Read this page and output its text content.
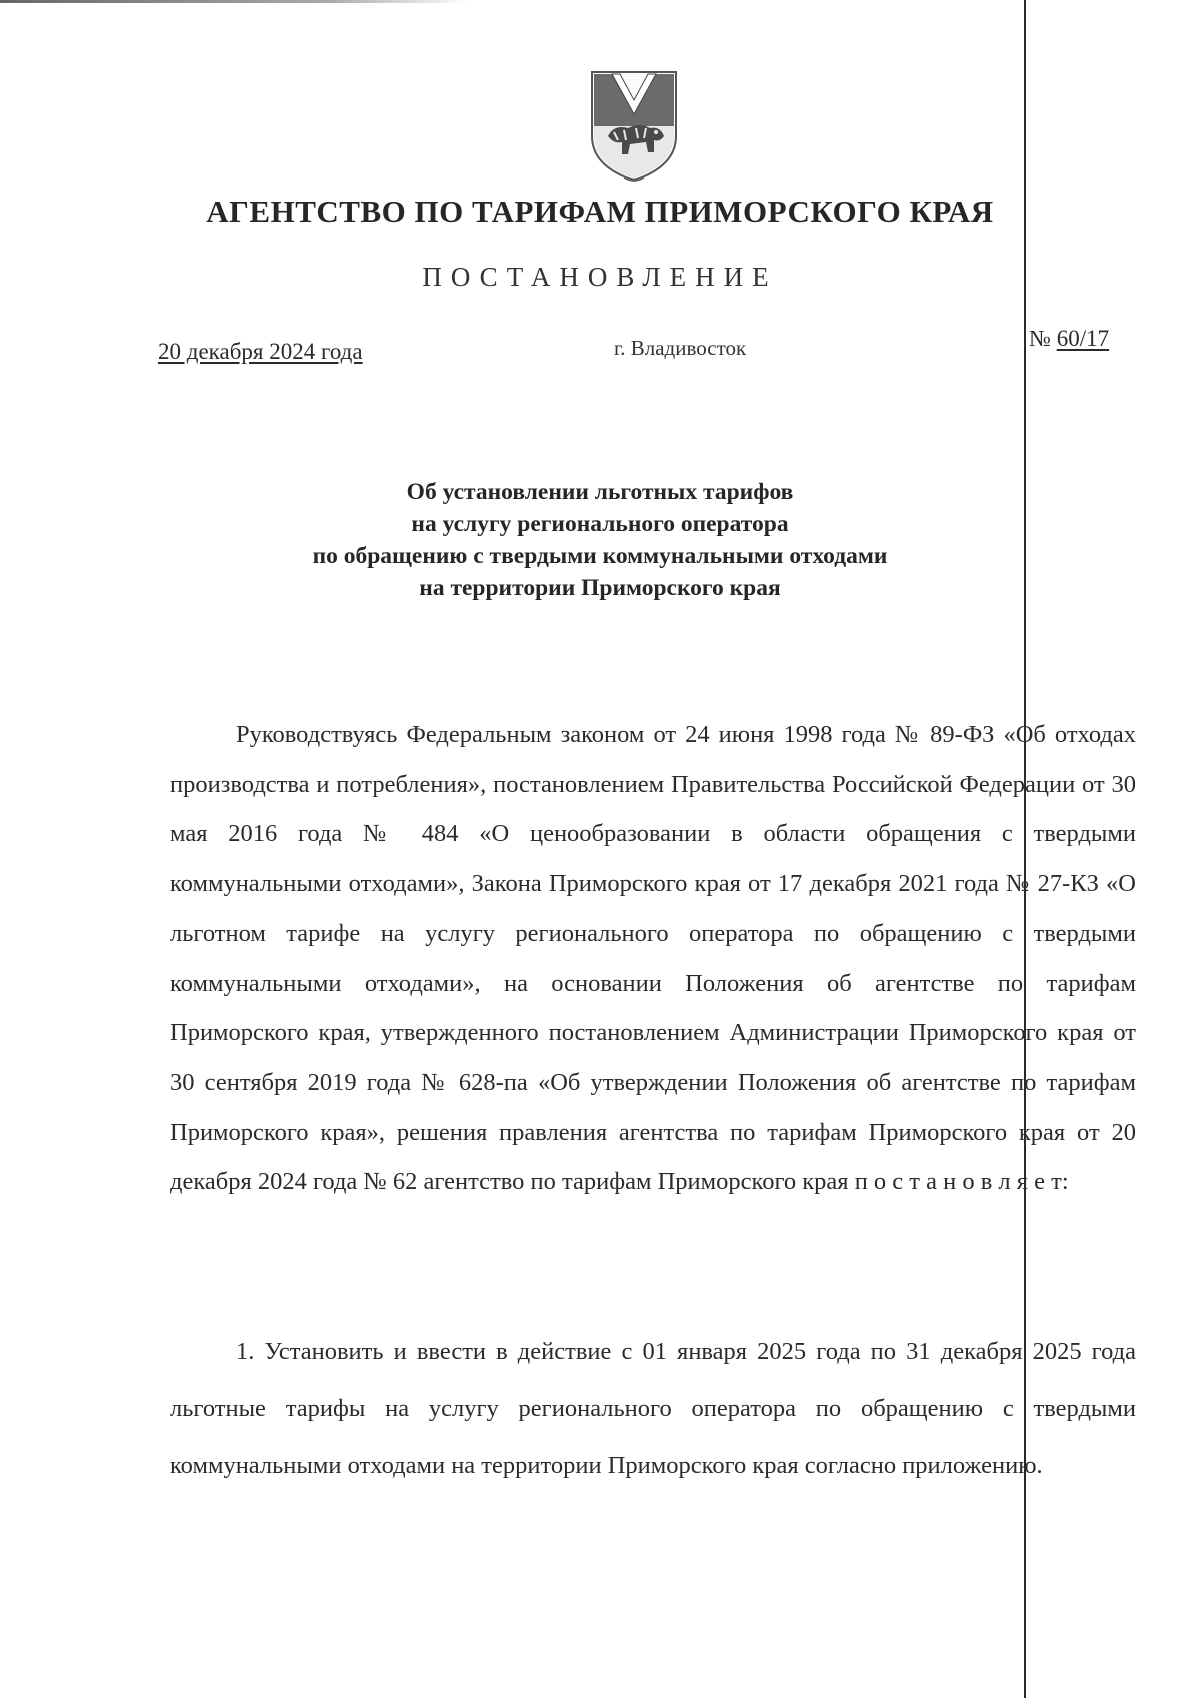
АГЕНТСТВО ПО ТАРИФАМ ПРИМОРСКОГО КРАЯ
ПОСТАНОВЛЕНИЕ
20 декабря 2024 года	г. Владивосток	№ 60/17
Об установлении льготных тарифов
на услугу регионального оператора
по обращению с твердыми коммунальными отходами
на территории Приморского края
Руководствуясь Федеральным законом от 24 июня 1998 года № 89-ФЗ «Об отходах производства и потребления», постановлением Правительства Российской Федерации от 30 мая 2016 года № 484 «О ценообразовании в области обращения с твердыми коммунальными отходами», Закона Приморского края от 17 декабря 2021 года № 27-КЗ «О льготном тарифе на услугу регионального оператора по обращению с твердыми коммунальными отходами», на основании Положения об агентстве по тарифам Приморского края, утвержденного постановлением Администрации Приморского края от 30 сентября 2019 года № 628-па «Об утверждении Положения об агентстве по тарифам Приморского края», решения правления агентства по тарифам Приморского края от 20 декабря 2024 года № 62 агентство по тарифам Приморского края п о с т а н о в л я е т:
1. Установить и ввести в действие с 01 января 2025 года по 31 декабря 2025 года льготные тарифы на услугу регионального оператора по обращению с твердыми коммунальными отходами на территории Приморского края согласно приложению.
